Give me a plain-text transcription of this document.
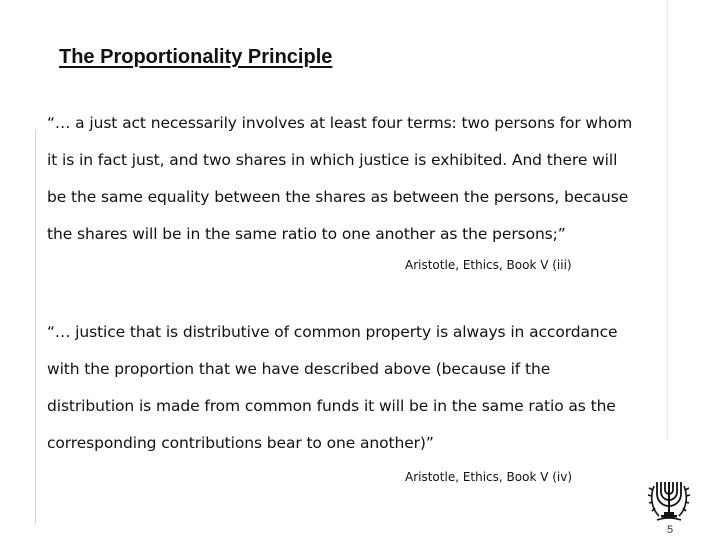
The Proportionality Principle
“… a just act necessarily involves at least four terms: two persons for whom
it is in fact just, and two shares in which justice is exhibited. And there will
be the same equality between the shares as between the persons, because
the shares will be in the same ratio to one another as the persons;”
Aristotle, Ethics, Book V (iii)
“… justice that is distributive of common property is always in accordance
with the proportion that we have described above (because if the
distribution is made from common funds it will be in the same ratio as the
corresponding contributions bear to one another)”
Aristotle, Ethics, Book V (iv)
5
